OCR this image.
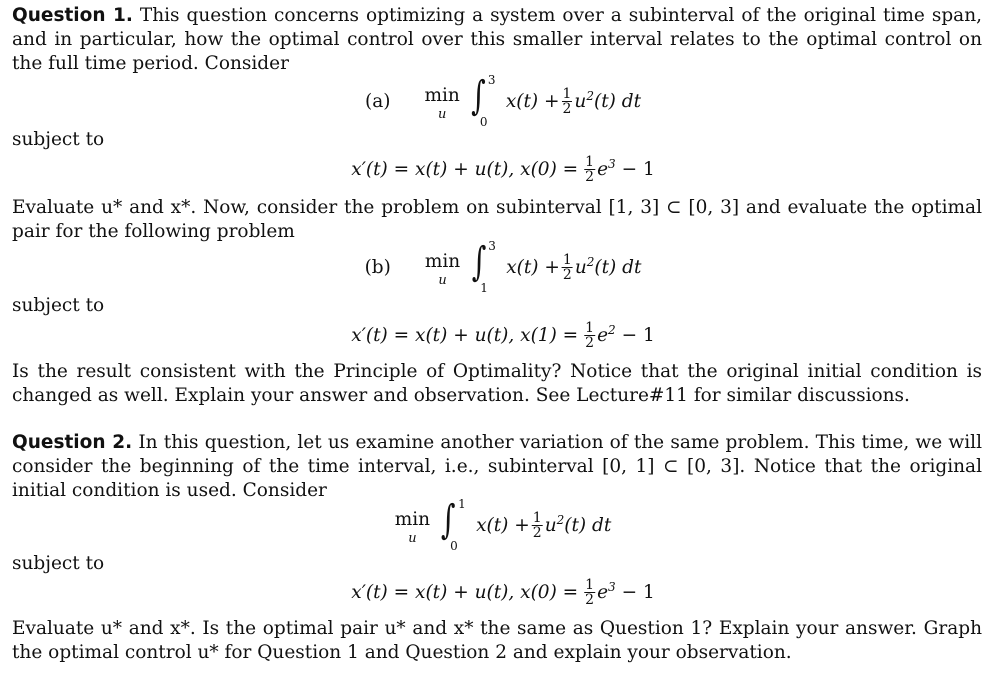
Question 1. This question concerns optimizing a system over a subinterval of the original time span, and in particular, how the optimal control over this smaller interval relates to the optimal control on the full time period. Consider
(a) min
u ∫ 3
0
$x(t) + \frac{1}{2} u^2(t)$ dt
subject to
x′(t) = x(t) + u(t), $x(0) = \frac{1}{2} e^3 - 1$
Evaluate u* and x*. Now, consider the problem on subinterval [1, 3] ⊂ [0, 3] and evaluate the optimal pair for the following problem
(b) min
u ∫ 3
1
$x(t) + \frac{1}{2} u^2(t)$ dt
subject to
x′(t) = x(t) + u(t), $x(1) = \frac{1}{2} e^2 - 1$
Is the result consistent with the Principle of Optimality? Notice that the original initial condition is changed as well. Explain your answer and observation. See Lecture#11 for similar discussions.
Question 2. In this question, let us examine another variation of the same problem. This time, we will consider the beginning of the time interval, i.e., subinterval [0, 1] ⊂ [0, 3]. Notice that the original initial condition is used. Consider
min
u ∫ 1
0
$x(t) + \frac{1}{2} u^2(t)$ dt
subject to
x′(t) = x(t) + u(t), $x(0) = \frac{1}{2} e^3 - 1$
Evaluate u* and x*. Is the optimal pair u* and x* the same as Question 1? Explain your answer. Graph the optimal control u* for Question 1 and Question 2 and explain your observation.
